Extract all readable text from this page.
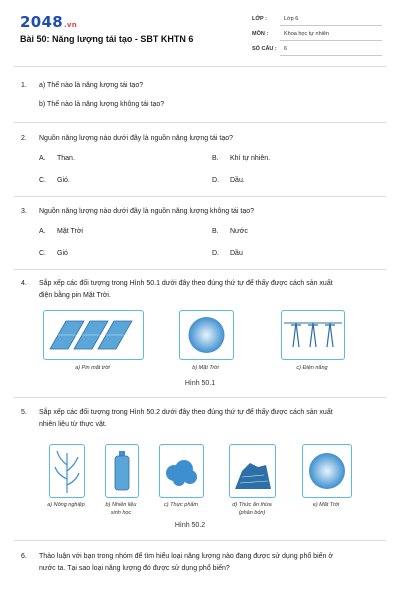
2048.vn
Bài 50: Năng lượng tái tạo - SBT KHTN 6
LỚP :	Lớp 6
MÔN :	Khoa học tự nhiên
SỐ CÂU : 6
1. a) Thế nào là năng lượng tái tạo?
b) Thế nào là năng lượng không tái tạo?
2. Nguồn năng lượng nào dưới đây là nguồn năng lượng tái tạo?
A. Than.	B. Khí tự nhiên.
C. Gió.	D. Dầu.
3. Nguồn năng lượng nào dưới đây là nguồn năng lượng không tái tạo?
A. Mặt Trời	B. Nước
C. Gió	D. Dầu
4. Sắp xếp các đối tượng trong Hình 50.1 dưới đây theo đúng thứ tự để thấy được cách sản xuất
điện bằng pin Mặt Trời.
a) Pin mặt trời	b) Mặt Trời	c) Điện năng
Hình 50.1
5. Sắp xếp các đối tượng trong Hình 50.2 dưới đây theo đúng thứ tự để thấy được cách sản xuất
nhiên liệu từ thực vật.
a) Nông nghiệp	b) Nhiên liệu
sinh học
c) Thực phẩm	d) Thức ăn thừa
(phân bón)
e) Mặt Trời
Hình 50.2
6. Thảo luận với bạn trong nhóm để tìm hiểu loại năng lượng nào đang được sử dụng phổ biến ở
nước ta. Tại sao loại năng lượng đó được sử dụng phổ biến?
